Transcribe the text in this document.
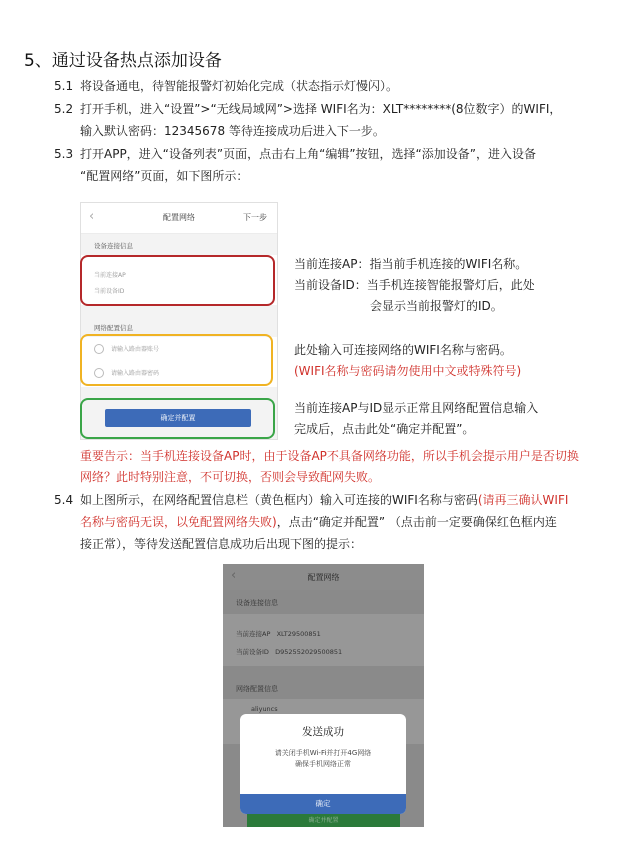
5、通过设备热点添加设备
5.1 将设备通电，待智能报警灯初始化完成（状态指示灯慢闪）。
5.2 打开手机，进入“设置”>“无线局域网”>选择 WIFI名为：XLT********(8位数字）的WIFI，
输入默认密码：12345678 等待连接成功后进入下一步。
5.3 打开APP，进入“设备列表”页面，点击右上角“编辑”按钮，选择“添加设备”，进入设备
“配置网络”页面，如下图所示：
‹	配置网络	下一步
设备连接信息
当前连接AP
当前设备ID
网络配置信息
请输入路由器账号
请输入路由器密码
确定并配置
当前连接AP：指当前手机连接的WIFI名称。
当前设备ID：当手机连接智能报警灯后，此处
会显示当前报警灯的ID。
此处输入可连接网络的WIFI名称与密码。
(WIFI名称与密码请勿使用中文或特殊符号)
当前连接AP与ID显示正常且网络配置信息输入
完成后，点击此处“确定并配置”。
重要告示：当手机连接设备AP时，由于设备AP不具备网络功能，所以手机会提示用户是否切换
网络？此时特别注意，不可切换，否则会导致配网失败。
5.4 如上图所示，在网络配置信息栏（黄色框内）输入可连接的WIFI名称与密码(请再三确认WIFI
名称与密码无误，以免配置网络失败)，点击“确定并配置” （点击前一定要确保红色框内连
接正常），等待发送配置信息成功后出现下图的提示：
‹	配置网络
设备连接信息
当前连接AP XLT29500851
当前设备ID D952552029500851
网络配置信息
aliyuncs
发送成功
请关闭手机Wi-Fi并打开4G网络
确保手机网络正常
确定
确定并配置
